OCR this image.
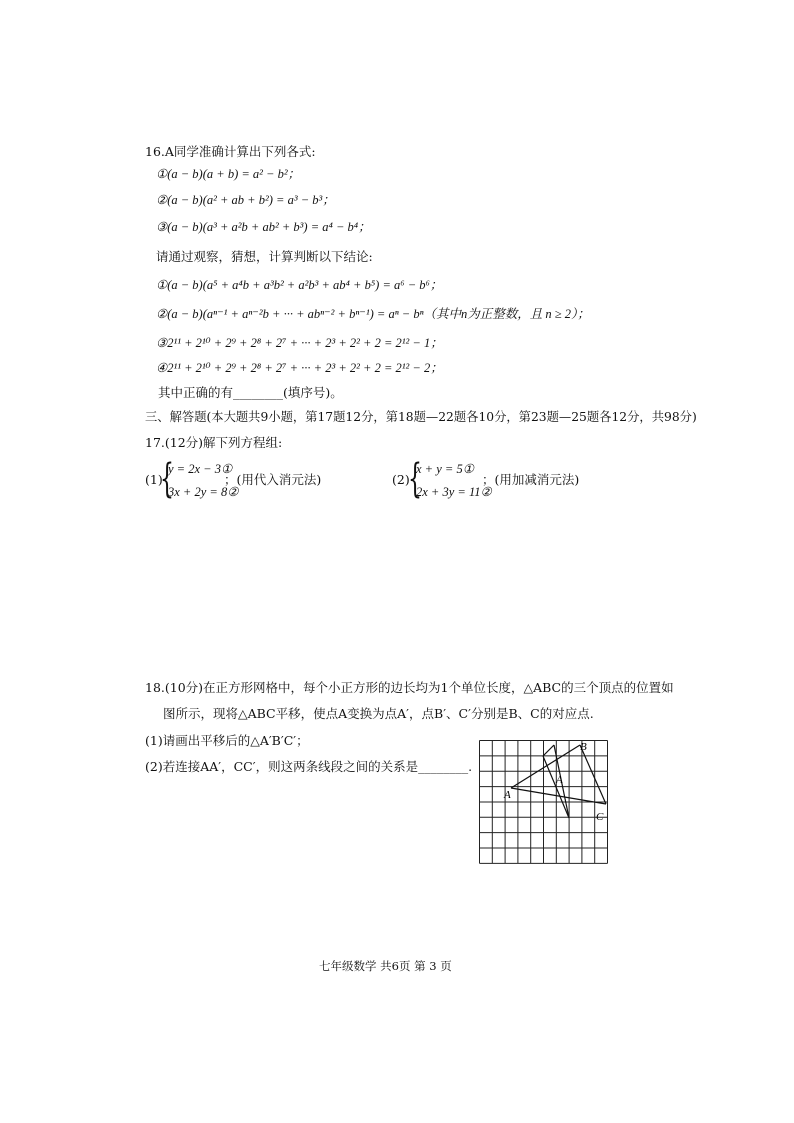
16.A同学准确计算出下列各式:
①(a − b)(a + b) = a² − b²；
②(a − b)(a² + ab + b²) = a³ − b³；
③(a − b)(a³ + a²b + ab² + b³) = a⁴ − b⁴；
请通过观察，猜想，计算判断以下结论:
①(a − b)(a⁵ + a⁴b + a³b² + a²b³ + ab⁴ + b⁵) = a⁶ − b⁶；
②(a − b)(aⁿ⁻¹ + aⁿ⁻²b + ··· + abⁿ⁻² + bⁿ⁻¹) = aⁿ − bⁿ（其中n为正整数，且 n ≥ 2）；
③2¹¹ + 2¹⁰ + 2⁹ + 2⁸ + 2⁷ + ··· + 2³ + 2² + 2 = 2¹² − 1；
④2¹¹ + 2¹⁰ + 2⁹ + 2⁸ + 2⁷ + ··· + 2³ + 2² + 2 = 2¹² − 2；
其中正确的有________(填序号)。
三、解答题(本大题共9小题，第17题12分，第18题—22题各10分，第23题—25题各12分，共98分)
17.(12分)解下列方程组:
(1)
{
y = 2x − 3①
3x + 2y = 8②
；(用代入消元法)	(2)
{
x + y = 5①
2x + 3y = 11②
；(用加减消元法)
18.(10分)在正方形网格中，每个小正方形的边长均为1个单位长度，△ABC的三个顶点的位置如
图所示，现将△ABC平移，使点A变换为点A′，点B′、C′分别是B、C的对应点.
(1)请画出平移后的△A′B′C′；
(2)若连接AA′，CC′，则这两条线段之间的关系是________.
A
A
B
C
七年级数学 共6页 第 3 页
